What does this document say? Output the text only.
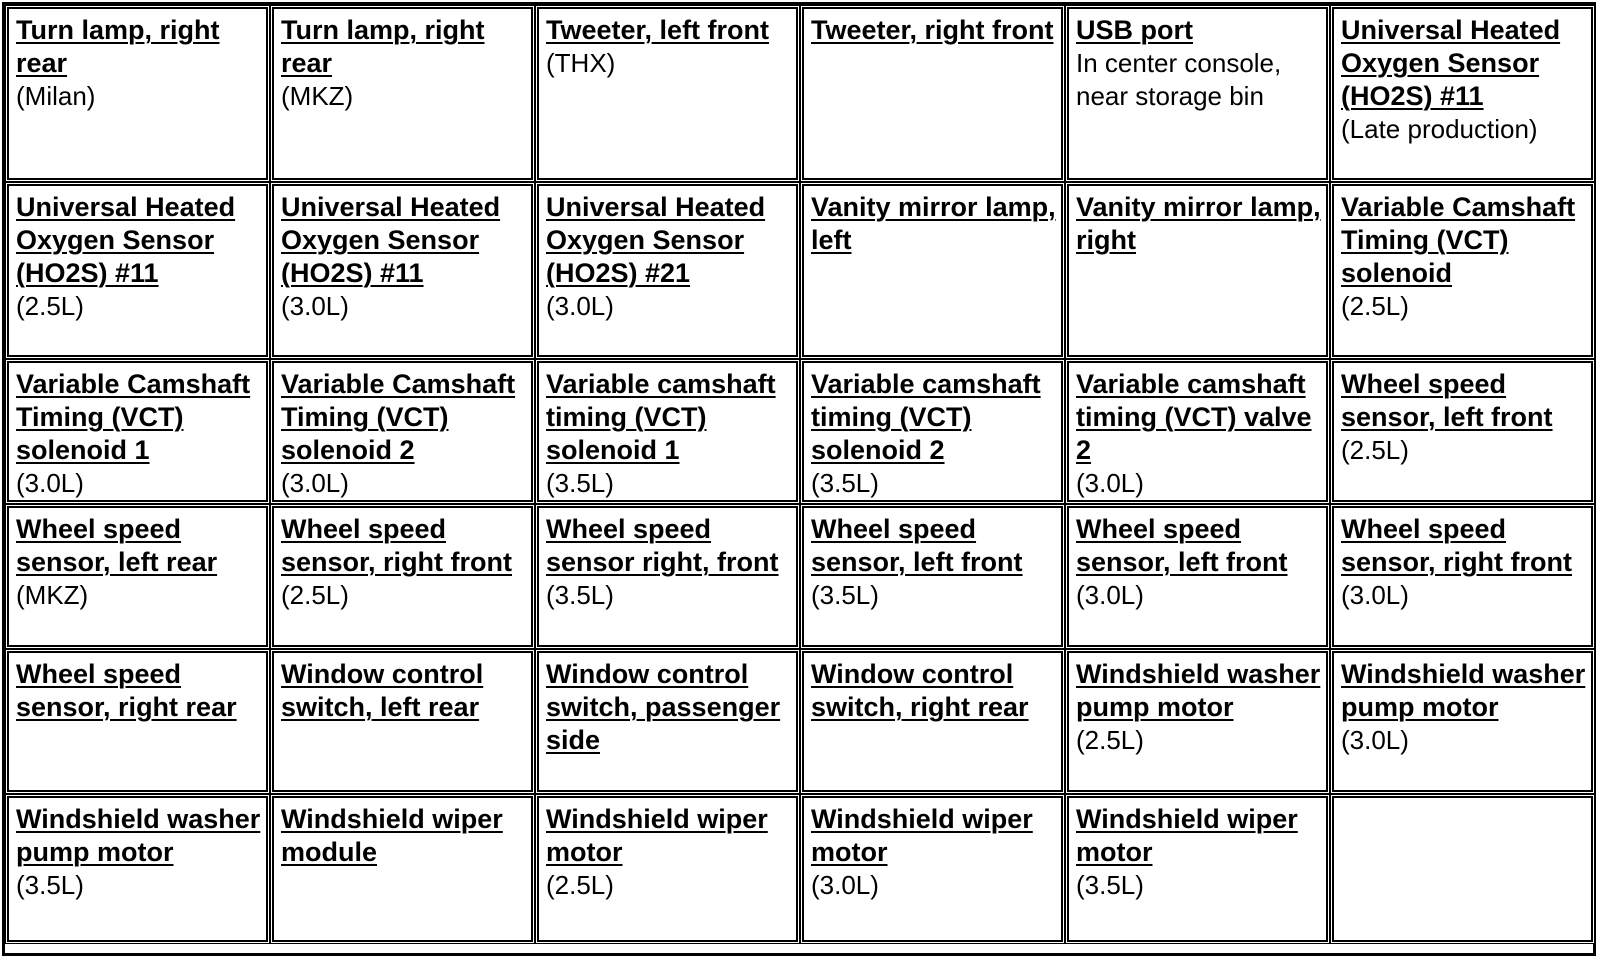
Turn lamp, right rear
(Milan)
Turn lamp, right rear
(MKZ)
Tweeter, left front
(THX)
Tweeter, right front USB port
In center console, near storage bin
Universal Heated Oxygen Sensor (HO2S) #11
(Late production)
Universal Heated Oxygen Sensor (HO2S) #11
(2.5L)
Universal Heated Oxygen Sensor (HO2S) #11
(3.0L)
Universal Heated Oxygen Sensor (HO2S) #21
(3.0L)
Vanity mirror lamp, left
Vanity mirror lamp, right
Variable Camshaft Timing (VCT) solenoid
(2.5L)
Variable Camshaft Timing (VCT) solenoid 1
(3.0L)
Variable Camshaft Timing (VCT) solenoid 2
(3.0L)
Variable camshaft timing (VCT) solenoid 1
(3.5L)
Variable camshaft timing (VCT) solenoid 2
(3.5L)
Variable camshaft timing (VCT) valve 2
(3.0L)
Wheel speed sensor, left front
(2.5L)
Wheel speed sensor, left rear
(MKZ)
Wheel speed sensor, right front
(2.5L)
Wheel speed sensor right, front
(3.5L)
Wheel speed sensor, left front
(3.5L)
Wheel speed sensor, left front
(3.0L)
Wheel speed sensor, right front
(3.0L)
Wheel speed sensor, right rear
Window control switch, left rear
Window control switch, passenger side
Window control switch, right rear
Windshield washer pump motor
(2.5L)
Windshield washer pump motor
(3.0L)
Windshield washer pump motor
(3.5L)
Windshield wiper module
Windshield wiper motor
(2.5L)
Windshield wiper motor
(3.0L)
Windshield wiper motor
(3.5L)
